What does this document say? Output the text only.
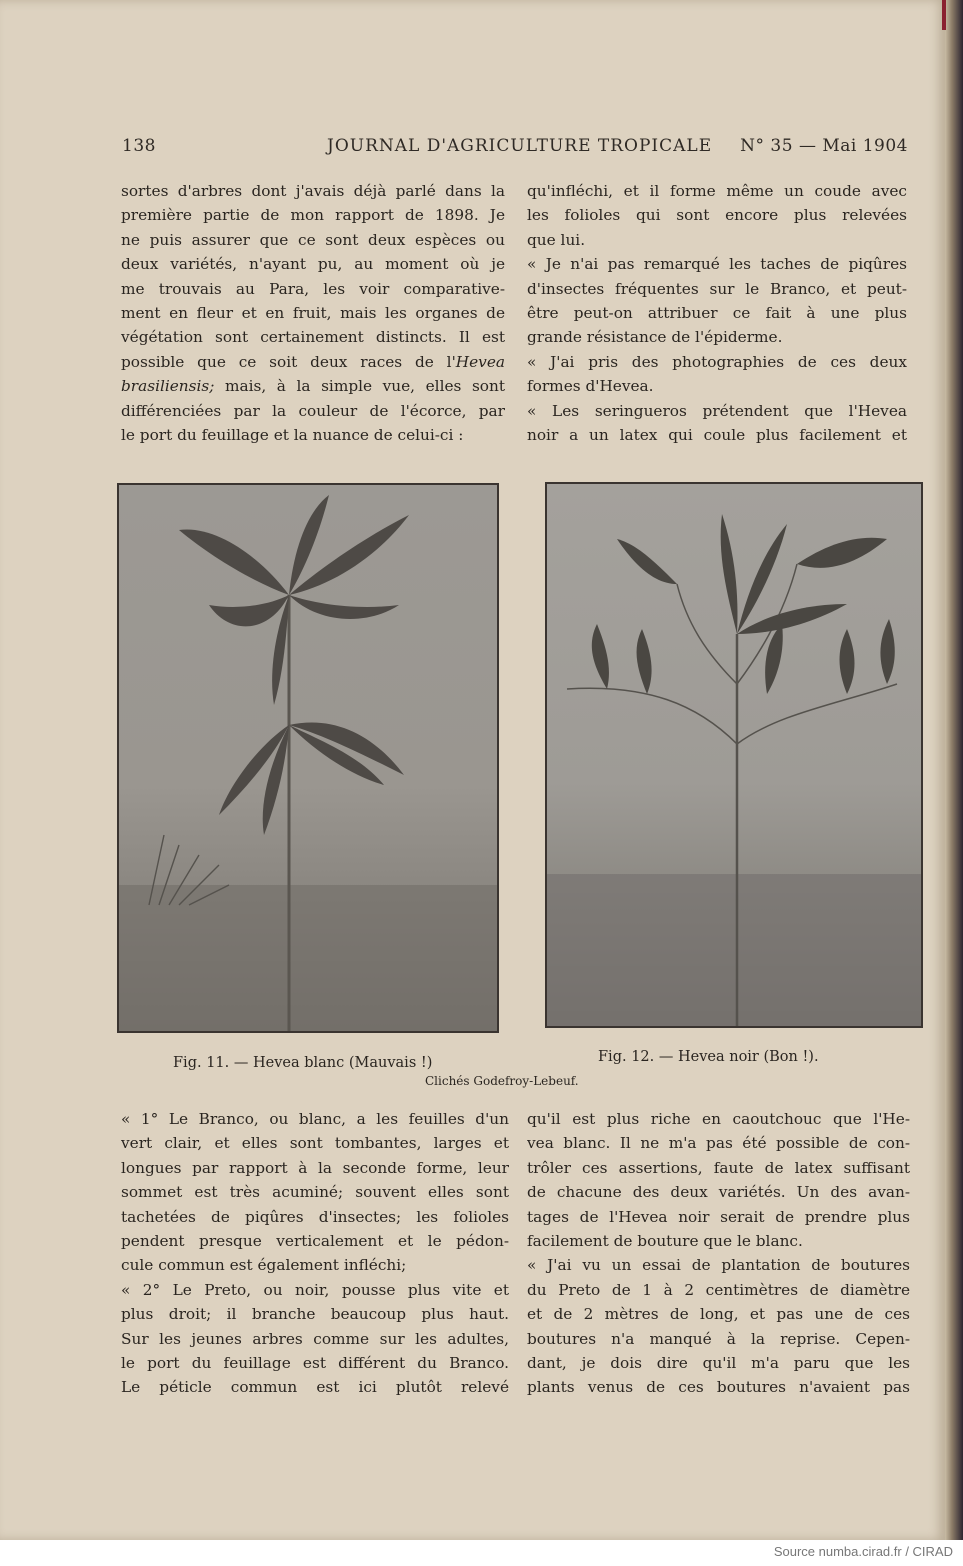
138	JOURNAL D'AGRICULTURE TROPICALE N° 35 — Mai 1904
sortes d'arbres dont j'avais déjà parlé dans la
première partie de mon rapport de 1898. Je
ne puis assurer que ce sont deux espèces ou
deux variétés, n'ayant pu, au moment où je
me trouvais au Para, les voir comparative-
ment en fleur et en fruit, mais les organes de
végétation sont certainement distincts. Il est
possible que ce soit deux races de l'Hevea
brasiliensis; mais, à la simple vue, elles sont
différenciées par la couleur de l'écorce, par
le port du feuillage et la nuance de celui-ci :
qu'infléchi, et il forme même un coude avec
les folioles qui sont encore plus relevées
que lui.
« Je n'ai pas remarqué les taches de piqûres
d'insectes fréquentes sur le Branco, et peut-
être peut-on attribuer ce fait à une plus
grande résistance de l'épiderme.
« J'ai pris des photographies de ces deux
formes d'Hevea.
« Les seringueros prétendent que l'Hevea
noir a un latex qui coule plus facilement et
Fig. 11. — Hevea blanc (Mauvais !)	Fig. 12. — Hevea noir (Bon !).
Clichés Godefroy-Lebeuf.
« 1° Le Branco, ou blanc, a les feuilles d'un
vert clair, et elles sont tombantes, larges et
longues par rapport à la seconde forme, leur
sommet est très acuminé; souvent elles sont
tachetées de piqûres d'insectes; les folioles
pendent presque verticalement et le pédon-
cule commun est également infléchi;
« 2° Le Preto, ou noir, pousse plus vite et
plus droit; il branche beaucoup plus haut.
Sur les jeunes arbres comme sur les adultes,
le port du feuillage est différent du Branco.
Le péticle commun est ici plutôt relevé
qu'il est plus riche en caoutchouc que l'He-
vea blanc. Il ne m'a pas été possible de con-
trôler ces assertions, faute de latex suffisant
de chacune des deux variétés. Un des avan-
tages de l'Hevea noir serait de prendre plus
facilement de bouture que le blanc.
« J'ai vu un essai de plantation de boutures
du Preto de 1 à 2 centimètres de diamètre
et de 2 mètres de long, et pas une de ces
boutures n'a manqué à la reprise. Cepen-
dant, je dois dire qu'il m'a paru que les
plants venus de ces boutures n'avaient pas
Source numba.cirad.fr / CIRAD
